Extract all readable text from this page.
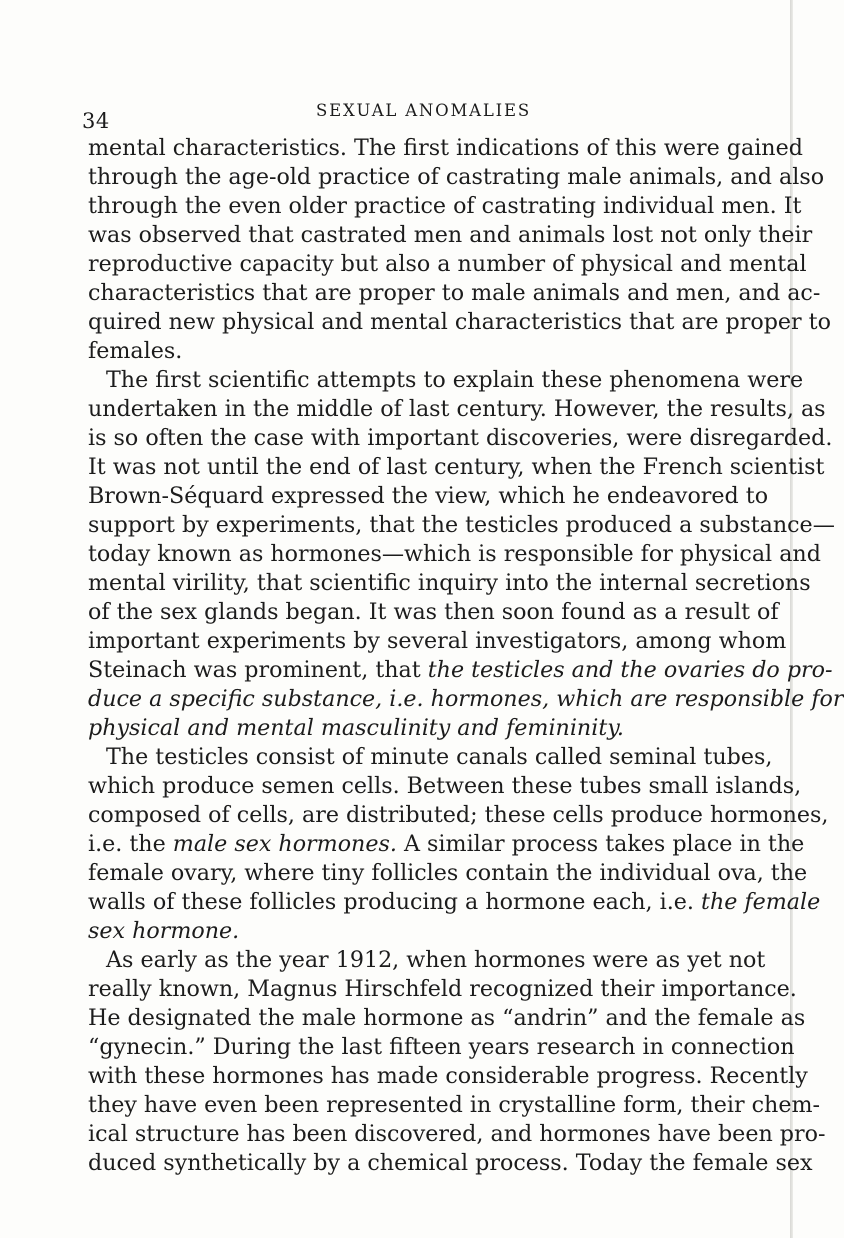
34	SEXUAL ANOMALIES
mental characteristics. The first indications of this were gained
through the age-old practice of castrating male animals, and also
through the even older practice of castrating individual men. It
was observed that castrated men and animals lost not only their
reproductive capacity but also a number of physical and mental
characteristics that are proper to male animals and men, and ac-
quired new physical and mental characteristics that are proper to
females.
The first scientific attempts to explain these phenomena were
undertaken in the middle of last century. However, the results, as
is so often the case with important discoveries, were disregarded.
It was not until the end of last century, when the French scientist
Brown-Séquard expressed the view, which he endeavored to
support by experiments, that the testicles produced a substance—
today known as hormones—which is responsible for physical and
mental virility, that scientific inquiry into the internal secretions
of the sex glands began. It was then soon found as a result of
important experiments by several investigators, among whom
Steinach was prominent, that the testicles and the ovaries do pro-
duce a specific substance, i.e. hormones, which are responsible for
physical and mental masculinity and femininity.
The testicles consist of minute canals called seminal tubes,
which produce semen cells. Between these tubes small islands,
composed of cells, are distributed; these cells produce hormones,
i.e. the male sex hormones. A similar process takes place in the
female ovary, where tiny follicles contain the individual ova, the
walls of these follicles producing a hormone each, i.e. the female
sex hormone.
As early as the year 1912, when hormones were as yet not
really known, Magnus Hirschfeld recognized their importance.
He designated the male hormone as “andrin” and the female as
“gynecin.” During the last fifteen years research in connection
with these hormones has made considerable progress. Recently
they have even been represented in crystalline form, their chem-
ical structure has been discovered, and hormones have been pro-
duced synthetically by a chemical process. Today the female sex
